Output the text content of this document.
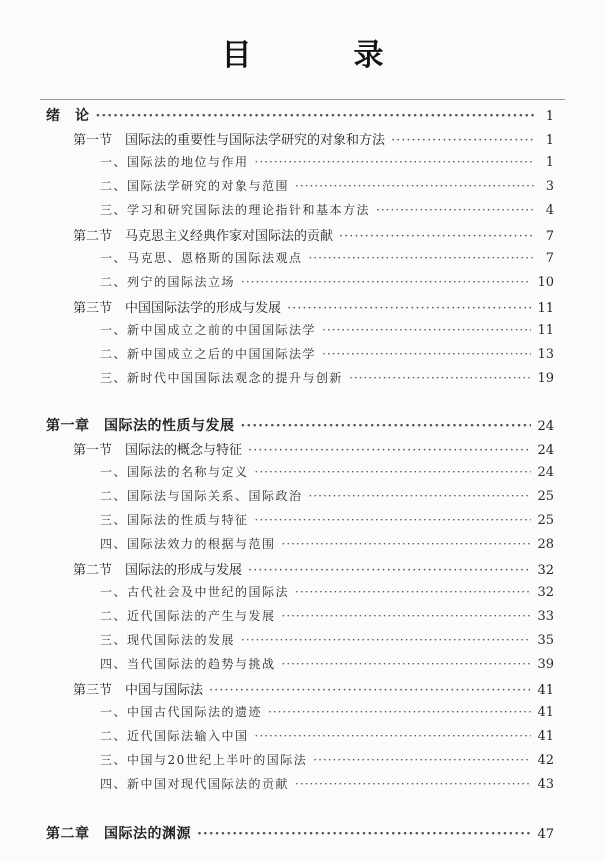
目　录
绪　论 ·····	1
第一节　国际法的重要性与国际法学研究的对象和方法 ·····	1
一、国际法的地位与作用 ·····	1
二、国际法学研究的对象与范围 ·····	3
三、学习和研究国际法的理论指针和基本方法 ·····	4
第二节　马克思主义经典作家对国际法的贡献 ·····	7
一、马克思、恩格斯的国际法观点 ·····	7
二、列宁的国际法立场 ·····	10
第三节　中国国际法学的形成与发展 ·····	11
一、新中国成立之前的中国国际法学 ·····	11
二、新中国成立之后的中国国际法学 ·····	13
三、新时代中国国际法观念的提升与创新 ·····	19
第一章　国际法的性质与发展 ·····	24
第一节　国际法的概念与特征 ·····	24
一、国际法的名称与定义 ·····	24
二、国际法与国际关系、国际政治 ·····	25
三、国际法的性质与特征 ·····	25
四、国际法效力的根据与范围 ·····	28
第二节　国际法的形成与发展 ·····	32
一、古代社会及中世纪的国际法 ·····	32
二、近代国际法的产生与发展 ·····	33
三、现代国际法的发展 ·····	35
四、当代国际法的趋势与挑战 ·····	39
第三节　中国与国际法 ·····	41
一、中国古代国际法的遗迹 ·····	41
二、近代国际法输入中国 ·····	41
三、中国与20世纪上半叶的国际法 ·····	42
四、新中国对现代国际法的贡献 ·····	43
第二章　国际法的渊源 ·····	47
